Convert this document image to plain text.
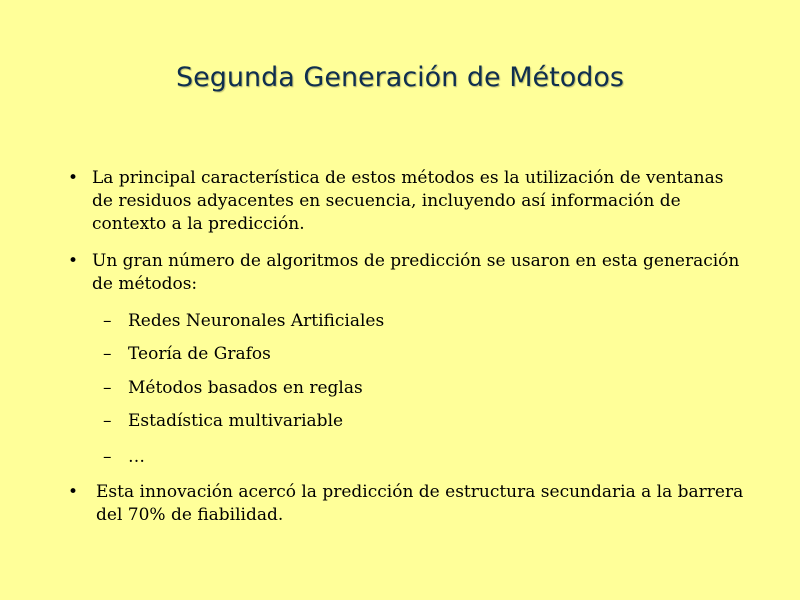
Segunda Generación de Métodos
• La principal característica de estos métodos es la utilización de ventanas de residuos adyacentes en secuencia, incluyendo así información de contexto a la predicción.
• Un gran número de algoritmos de predicción se usaron en esta generación de métodos:
– Redes Neuronales Artificiales
– Teoría de Grafos
– Métodos basados en reglas
– Estadística multivariable
– …
•	Esta innovación acercó la predicción de estructura secundaria a la barrera del 70% de fiabilidad.
